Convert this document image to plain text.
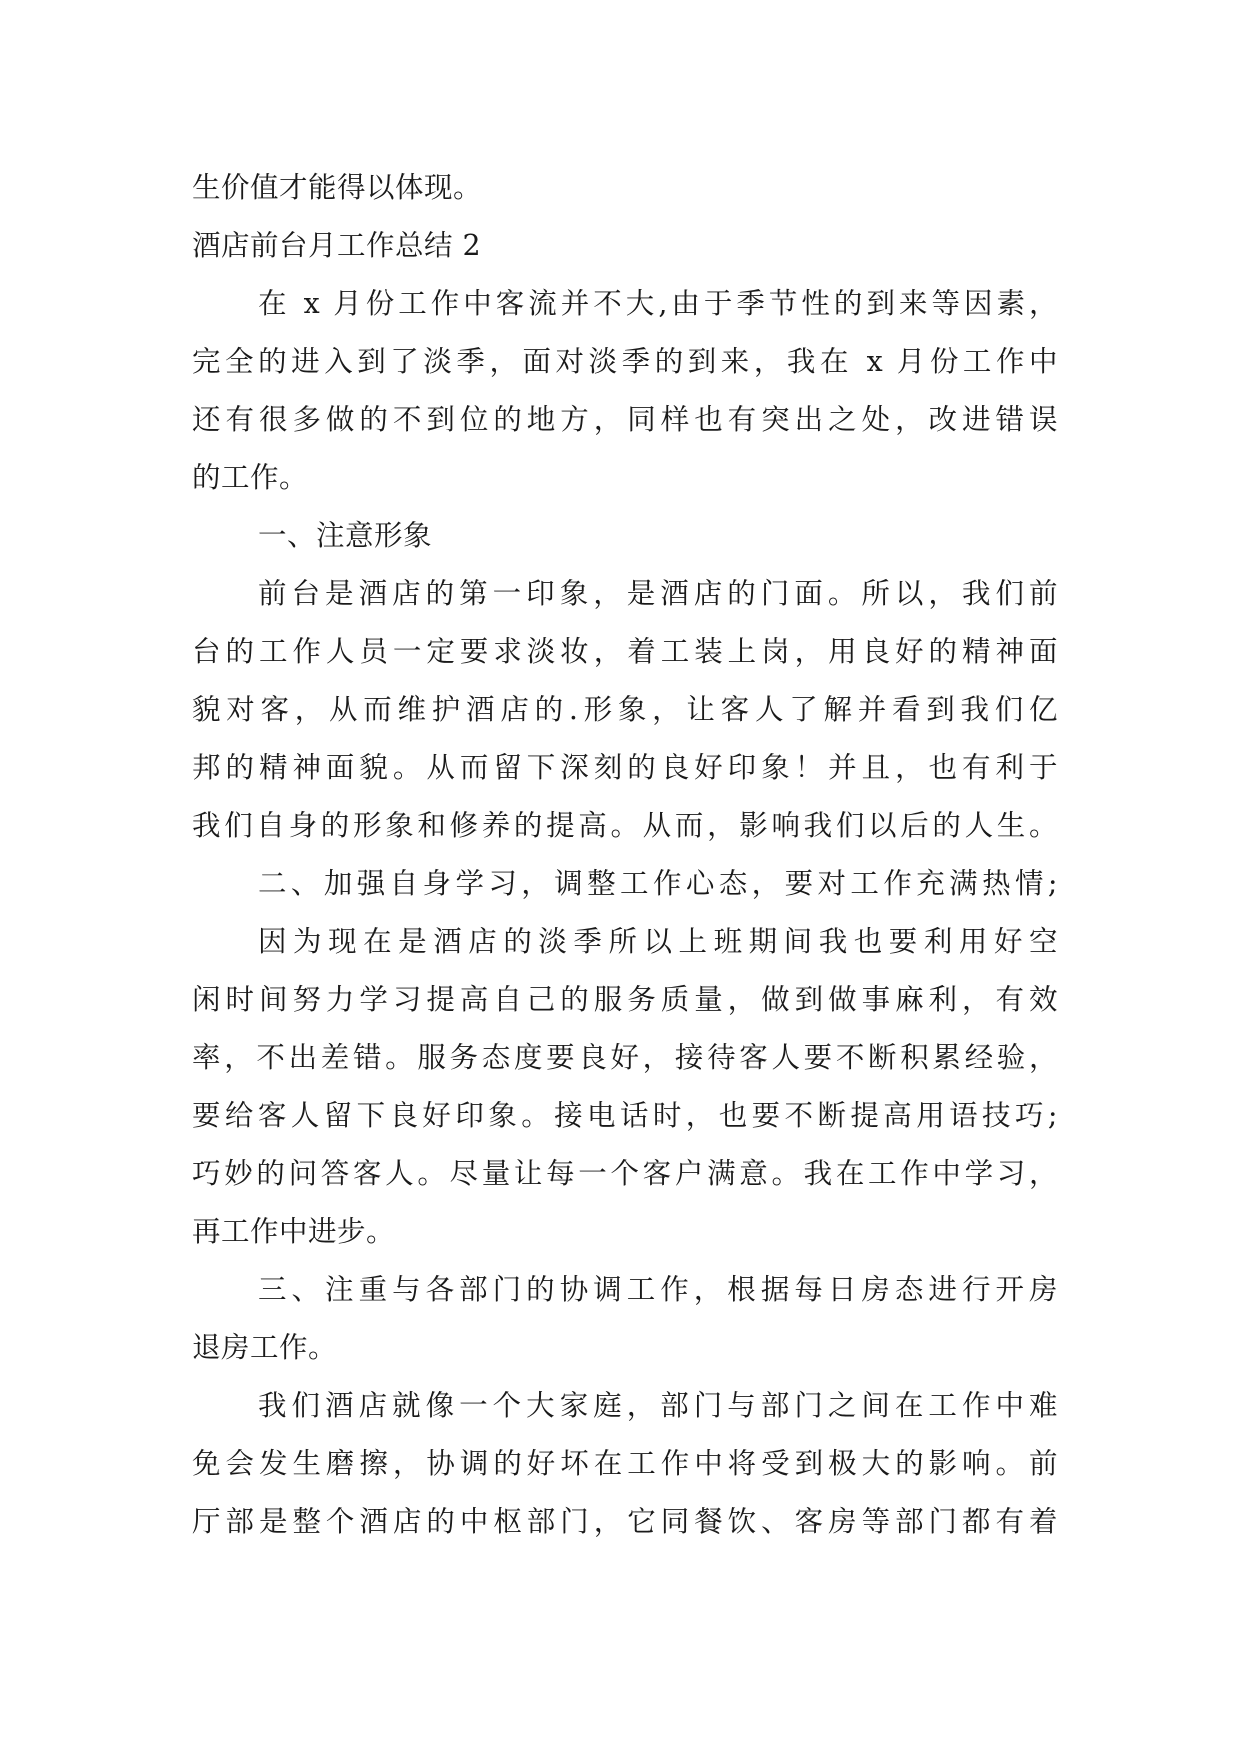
生价值才能得以体现。
酒店前台月工作总结 2
在 x 月份工作中客流并不大,由于季节性的到来等因素，
完全的进入到了淡季，面对淡季的到来，我在 x 月份工作中
还有很多做的不到位的地方，同样也有突出之处，改进错误
的工作。
一、注意形象
前台是酒店的第一印象，是酒店的门面。所以，我们前
台的工作人员一定要求淡妆，着工装上岗，用良好的精神面
貌对客，从而维护酒店的.形象，让客人了解并看到我们亿
邦的精神面貌。从而留下深刻的良好印象！并且，也有利于
我们自身的形象和修养的提高。从而，影响我们以后的人生。
二、加强自身学习，调整工作心态，要对工作充满热情;
因为现在是酒店的淡季所以上班期间我也要利用好空
闲时间努力学习提高自己的服务质量，做到做事麻利，有效
率，不出差错。服务态度要良好，接待客人要不断积累经验，
要给客人留下良好印象。接电话时，也要不断提高用语技巧;
巧妙的问答客人。尽量让每一个客户满意。我在工作中学习，
再工作中进步。
三、注重与各部门的协调工作，根据每日房态进行开房
退房工作。
我们酒店就像一个大家庭，部门与部门之间在工作中难
免会发生磨擦，协调的好坏在工作中将受到极大的影响。前
厅部是整个酒店的中枢部门，它同餐饮、客房等部门都有着
